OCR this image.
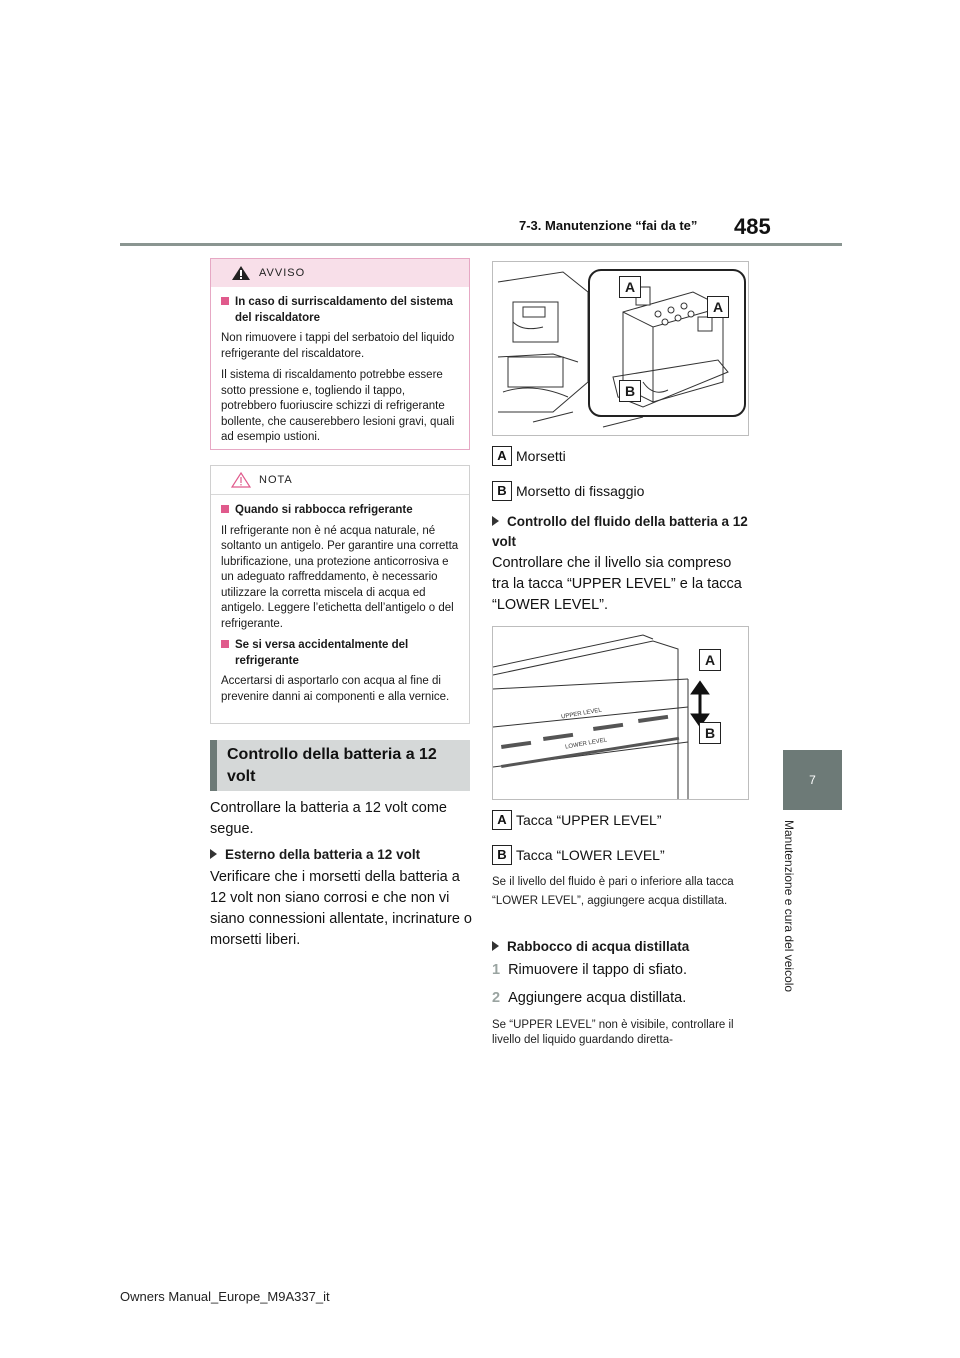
7-3. Manutenzione “fai da te” 485
7
Manutenzione e cura del veicolo
AVVISO
In caso di surriscaldamento del sistema del riscaldatore

Non rimuovere i tappi del serbatoio del liquido refrigerante del riscaldatore.

Il sistema di riscaldamento potrebbe essere sotto pressione e, togliendo il tappo, potrebbero fuoriuscire schizzi di refrigerante bollente, che causerebbero lesioni gravi, quali ad esempio ustioni.

NOTA
Quando si rabbocca refrigerante

Il refrigerante non è né acqua naturale, né soltanto un antigelo. Per garantire una corretta lubrificazione, una protezione anticorrosiva e un adeguato raffreddamento, è necessario utilizzare la corretta miscela di acqua ed antigelo. Leggere l’etichetta dell’antigelo o del refrigerante.

Se si versa accidentalmente del refrigerante

Accertarsi di asportarlo con acqua al fine di prevenire danni ai componenti e alla vernice.

Controllo della batteria a 12 volt
Controllare la batteria a 12 volt come segue.
Esterno della batteria a 12 volt
Verificare che i morsetti della batteria a 12 volt non siano corrosi e che non vi siano connessioni allentate, incrinature o morsetti liberi.
A
A
B
A Morsetti
B Morsetto di fissaggio
Controllo del fluido della batteria a 12 volt
Controllare che il livello sia compreso tra la tacca “UPPER LEVEL” e la tacca “LOWER LEVEL”.
UPPER LEVEL
LOWER LEVEL
A
B
A Tacca “UPPER LEVEL”
B Tacca “LOWER LEVEL”
Se il livello del fluido è pari o inferiore alla tacca “LOWER LEVEL”, aggiungere acqua distillata.
Rabbocco di acqua distillata
1 Rimuovere il tappo di sfiato.
2 Aggiungere acqua distillata.
Se “UPPER LEVEL” non è visibile, controllare il livello del liquido guardando diretta-
Owners Manual_Europe_M9A337_it
